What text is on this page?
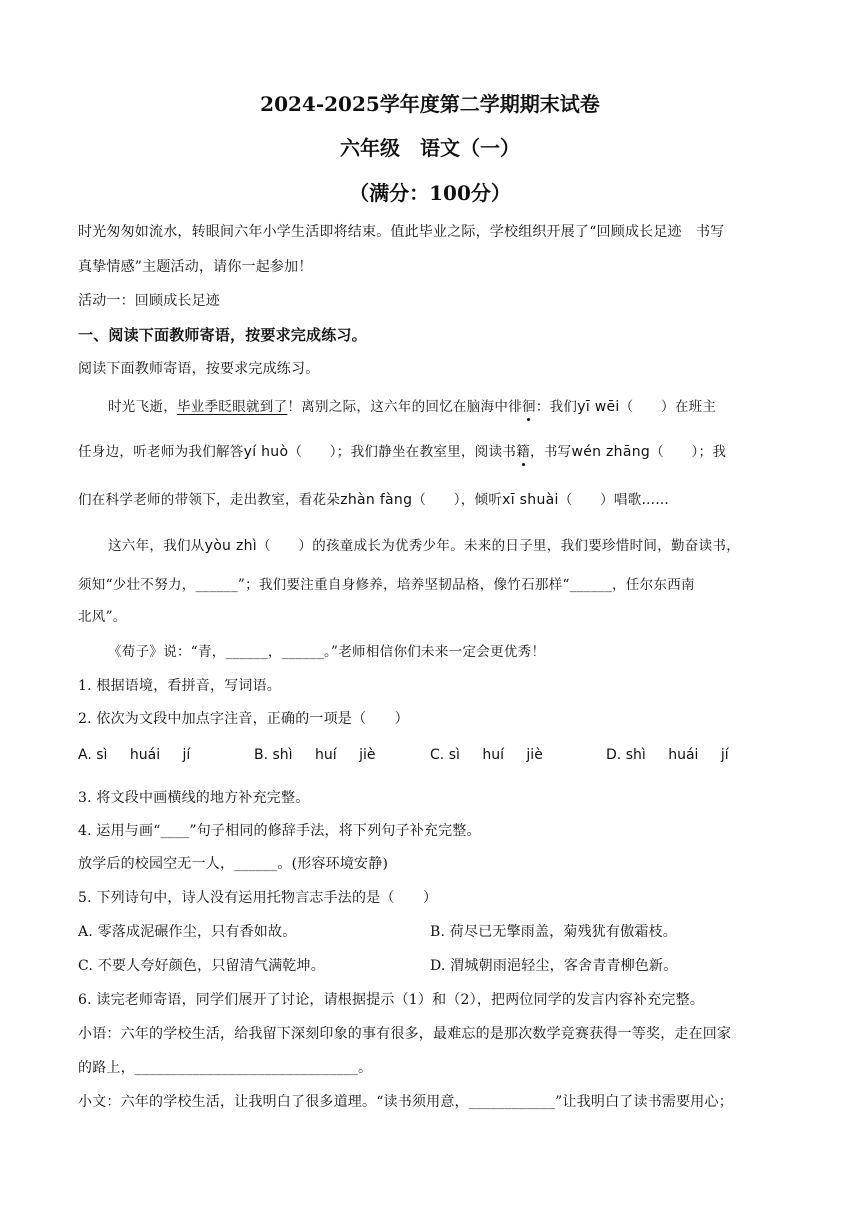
2024-2025学年度第二学期期末试卷
六年级　语文（一）
（满分：100分）
时光匆匆如流水，转眼间六年小学生活即将结束。值此毕业之际，学校组织开展了“回顾成长足迹　书写
真挚情感”主题活动，请你一起参加！
活动一：回顾成长足迹
一、阅读下面教师寄语，按要求完成练习。
阅读下面教师寄语，按要求完成练习。
时光飞逝，毕业季眨眼就到了！离别之际，这六年的回忆在脑海中徘徊：我们yī wēi（　　）在班主
任身边，听老师为我们解答yí huò（　　）；我们静坐在教室里，阅读书籍，书写wén zhāng（　　）；我
们在科学老师的带领下，走出教室，看花朵zhàn fàng（　　），倾听xī shuài（　　）唱歌……
这六年，我们从yòu zhì（　　）的孩童成长为优秀少年。未来的日子里，我们要珍惜时间，勤奋读书，
须知“少壮不努力，______”；我们要注重自身修养，培养坚韧品格，像竹石那样“______，任尔东西南
北风”。
《荀子》说：“青，______，______。”老师相信你们未来一定会更优秀！
1. 根据语境，看拼音，写词语。
2. 依次为文段中加点字注音，正确的一项是（　　）
A. sì huái jí	B. shì huí jiè	C. sì huí jiè	D. shì huái jí
3. 将文段中画横线的地方补充完整。
4. 运用与画“____”句子相同的修辞手法，将下列句子补充完整。
放学后的校园空无一人，______。(形容环境安静)
5. 下列诗句中，诗人没有运用托物言志手法的是（　　）
A. 零落成泥碾作尘，只有香如故。	B. 荷尽已无擎雨盖，菊残犹有傲霜枝。
C. 不要人夸好颜色，只留清气满乾坤。	D. 渭城朝雨浥轻尘，客舍青青柳色新。
6. 读完老师寄语，同学们展开了讨论，请根据提示（1）和（2），把两位同学的发言内容补充完整。
小语：六年的学校生活，给我留下深刻印象的事有很多，最难忘的是那次数学竞赛获得一等奖，走在回家
的路上，_______________________________。
小文：六年的学校生活，让我明白了很多道理。“读书须用意，____________”让我明白了读书需要用心；
